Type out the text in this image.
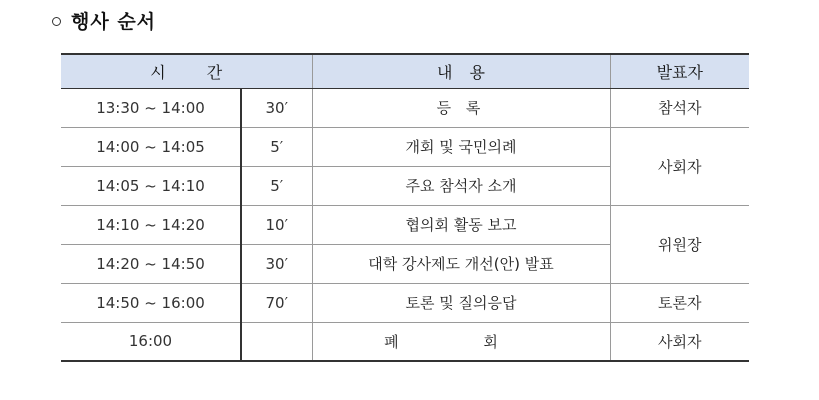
행사 순서
시 간		내 용	발표자
13:30 ~ 14:00	30′	등 록	참석자
14:00 ~ 14:05	5′	개회 및 국민의례	사회자
14:05 ~ 14:10	5′	주요 참석자 소개	
14:10 ~ 14:20	10′	협의회 활동 보고	위원장
14:20 ~ 14:50	30′	대학 강사제도 개선(안) 발표	
14:50 ~ 16:00	70′	토론 및 질의응답	토론자
16:00		폐 회	사회자
